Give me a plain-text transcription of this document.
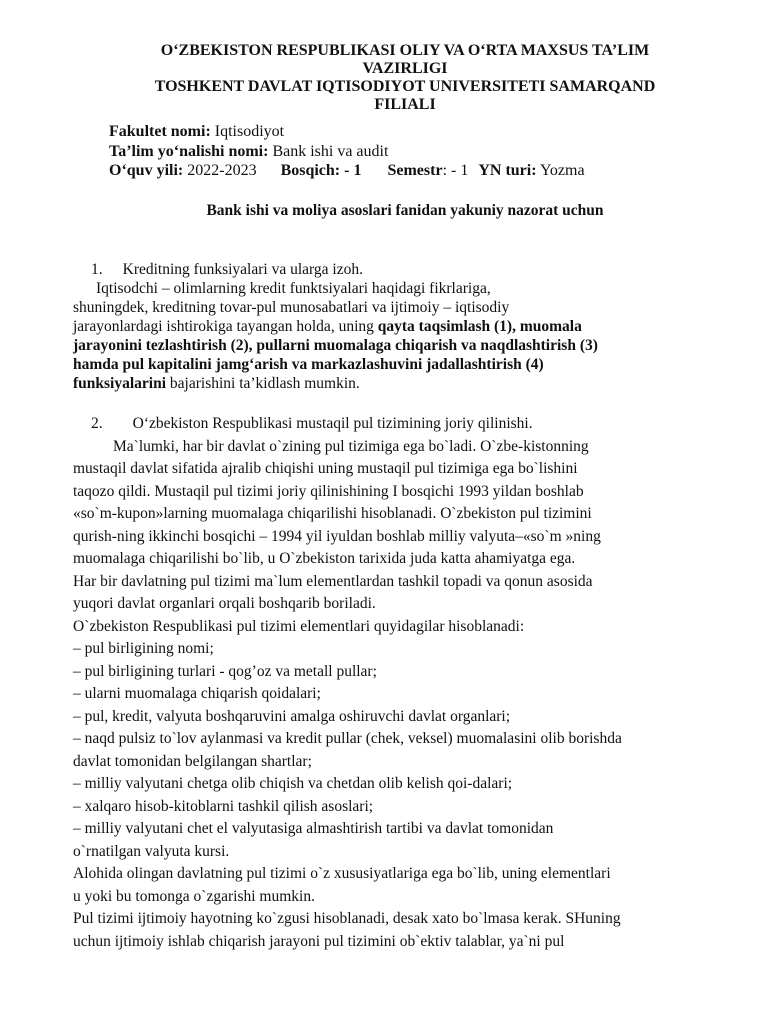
O‘ZBEKISTON RESPUBLIKASI OLIY VA O‘RTA MAXSUS TA’LIM
VAZIRLIGI
TOSHKENT DAVLAT IQTISODIYOT UNIVERSITETI SAMARQAND
FILIALI
Fakultet nomi: Iqtisodiyot
Ta’lim yo‘nalishi nomi: Bank ishi va audit
O‘quv yili: 2022-2023 Bosqich: - 1 Semestr: - 1 YN turi: Yozma
Bank ishi va moliya asoslari fanidan yakuniy nazorat uchun
1. Kreditning funksiyalari va ularga izoh.
Iqtisodchi – olimlarning kredit funktsiyalari haqidagi fikrlariga,
shuningdek, kreditning tovar-pul munosabatlari va ijtimoiy – iqtisodiy
jarayonlardagi ishtirokiga tayangan holda, uning qayta taqsimlash (1), muomala
jarayonini tezlashtirish (2), pullarni muomalaga chiqarish va naqdlashtirish (3)
hamda pul kapitalini jamg‘arish va markazlashuvini jadallashtirish (4)
funksiyalarini bajarishini ta’kidlash mumkin.
2. O‘zbekiston Respublikasi mustaqil pul tizimining joriy qilinishi.
Ma`lumki, har bir davlat o`zining pul tizimiga ega bo`ladi. O`zbe-kistonning
mustaqil davlat sifatida ajralib chiqishi uning mustaqil pul tizimiga ega bo`lishini
taqozo qildi. Mustaqil pul tizimi joriy qilinishining I bosqichi 1993 yildan boshlab
«so`m-kupon»larning muomalaga chiqarilishi hisoblanadi. O`zbekiston pul tizimini
qurish-ning ikkinchi bosqichi – 1994 yil iyuldan boshlab milliy valyuta–«so`m »ning
muomalaga chiqarilishi bo`lib, u O`zbekiston tarixida juda katta ahamiyatga ega.
Har bir davlatning pul tizimi ma`lum elementlardan tashkil topadi va qonun asosida
yuqori davlat organlari orqali boshqarib boriladi.
O`zbekiston Respublikasi pul tizimi elementlari quyidagilar hisoblanadi:
– pul birligining nomi;
– pul birligining turlari - qog’oz va metall pullar;
– ularni muomalaga chiqarish qoidalari;
– pul, kredit, valyuta boshqaruvini amalga oshiruvchi davlat organlari;
– naqd pulsiz to`lov aylanmasi va kredit pullar (chek, veksel) muomalasini olib borishda
davlat tomonidan belgilangan shartlar;
– milliy valyutani chetga olib chiqish va chetdan olib kelish qoi-dalari;
– xalqaro hisob-kitoblarni tashkil qilish asoslari;
– milliy valyutani chet el valyutasiga almashtirish tartibi va davlat tomonidan
o`rnatilgan valyuta kursi.
Alohida olingan davlatning pul tizimi o`z xususiyatlariga ega bo`lib, uning elementlari
u yoki bu tomonga o`zgarishi mumkin.
Pul tizimi ijtimoiy hayotning ko`zgusi hisoblanadi, desak xato bo`lmasa kerak. SHuning
uchun ijtimoiy ishlab chiqarish jarayoni pul tizimini ob`ektiv talablar, ya`ni pul
